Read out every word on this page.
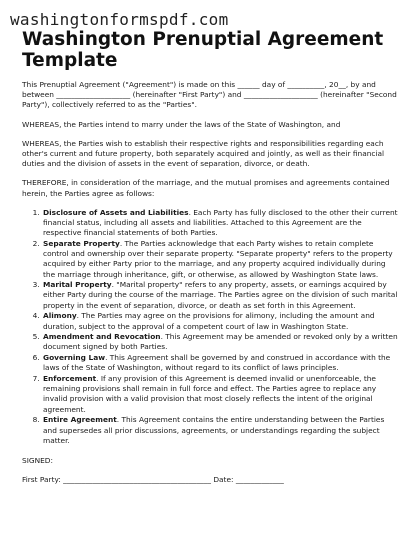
washingtonformspdf.com
Washington Prenuptial Agreement Template

This Prenuptial Agreement ("Agreement") is made on this ______ day of __________, 20__, by and between ____________________ (hereinafter "First Party") and ____________________ (hereinafter "Second Party"), collectively referred to as the "Parties".

WHEREAS, the Parties intend to marry under the laws of the State of Washington, and

WHEREAS, the Parties wish to establish their respective rights and responsibilities regarding each other's current and future property, both separately acquired and jointly, as well as their financial duties and the division of assets in the event of separation, divorce, or death.

THEREFORE, in consideration of the marriage, and the mutual promises and agreements contained herein, the Parties agree as follows:

1. Disclosure of Assets and Liabilities. Each Party has fully disclosed to the other their current financial status, including all assets and liabilities. Attached to this Agreement are the respective financial statements of both Parties.
2. Separate Property. The Parties acknowledge that each Party wishes to retain complete control and ownership over their separate property. "Separate property" refers to the property acquired by either Party prior to the marriage, and any property acquired individually during the marriage through inheritance, gift, or otherwise, as allowed by Washington State laws.
3. Marital Property. "Marital property" refers to any property, assets, or earnings acquired by either Party during the course of the marriage. The Parties agree on the division of such marital property in the event of separation, divorce, or death as set forth in this Agreement.
4. Alimony. The Parties may agree on the provisions for alimony, including the amount and duration, subject to the approval of a competent court of law in Washington State.
5. Amendment and Revocation. This Agreement may be amended or revoked only by a written document signed by both Parties.
6. Governing Law. This Agreement shall be governed by and construed in accordance with the laws of the State of Washington, without regard to its conflict of laws principles.
7. Enforcement. If any provision of this Agreement is deemed invalid or unenforceable, the remaining provisions shall remain in full force and effect. The Parties agree to replace any invalid provision with a valid provision that most closely reflects the intent of the original agreement.
8. Entire Agreement. This Agreement contains the entire understanding between the Parties and supersedes all prior discussions, agreements, or understandings regarding the subject matter.

SIGNED:

First Party: ________________________________________ Date: _____________
